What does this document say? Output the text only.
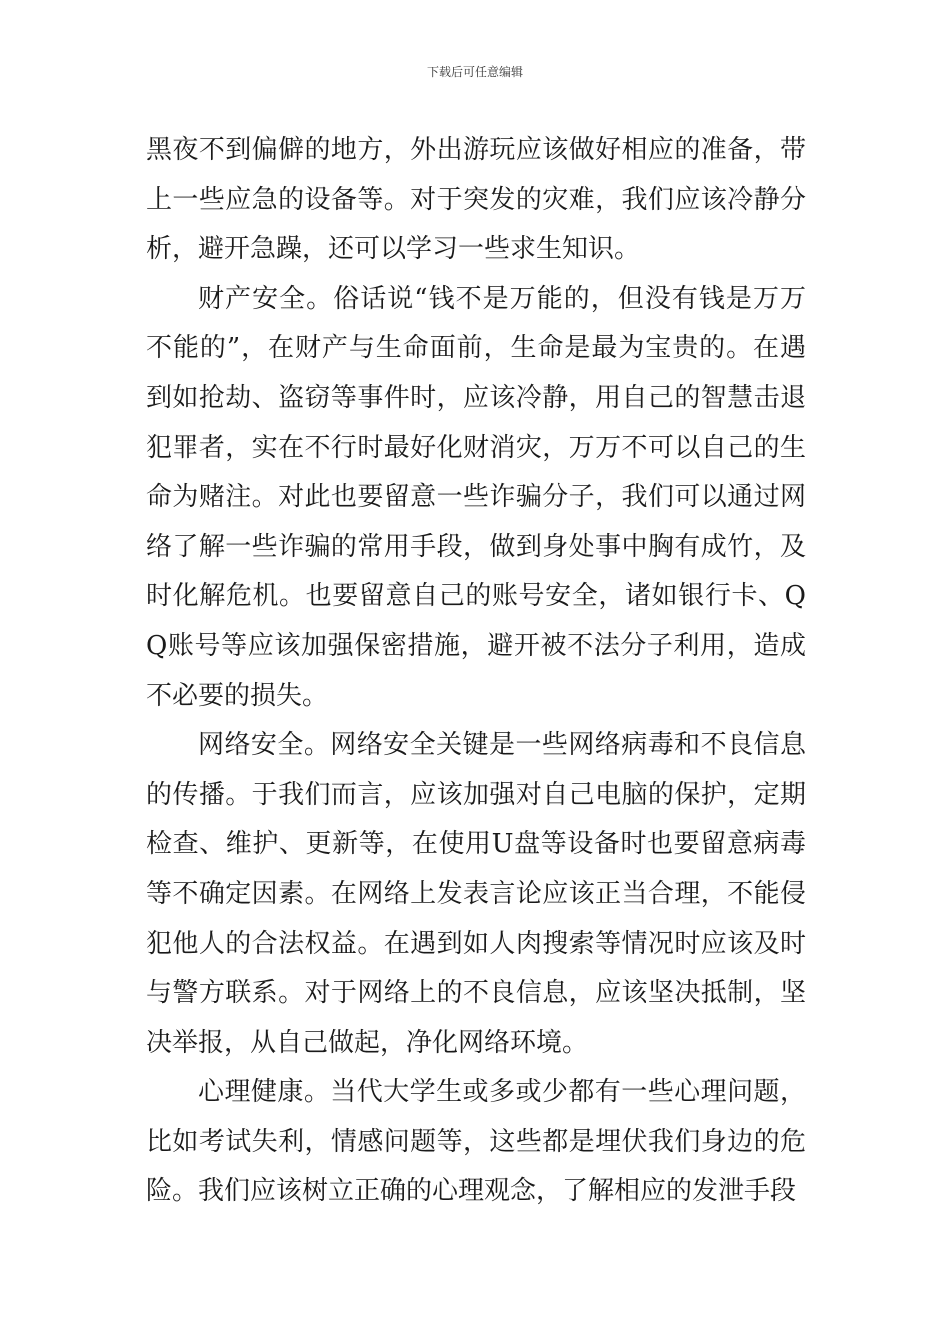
下载后可任意编辑

黑夜不到偏僻的地方，外出游玩应该做好相应的准备，带上一些应急的设备等。对于突发的灾难，我们应该冷静分析，避开急躁，还可以学习一些求生知识。

财产安全。俗话说“钱不是万能的，但没有钱是万万不能的”，在财产与生命面前，生命是最为宝贵的。在遇到如抢劫、盗窃等事件时，应该冷静，用自己的智慧击退犯罪者，实在不行时最好化财消灾，万万不可以自己的生命为赌注。对此也要留意一些诈骗分子，我们可以通过网络了解一些诈骗的常用手段，做到身处事中胸有成竹，及时化解危机。也要留意自己的账号安全，诸如银行卡、QQ账号等应该加强保密措施，避开被不法分子利用，造成不必要的损失。

网络安全。网络安全关键是一些网络病毒和不良信息的传播。于我们而言，应该加强对自己电脑的保护，定期检查、维护、更新等，在使用U盘等设备时也要留意病毒等不确定因素。在网络上发表言论应该正当合理，不能侵犯他人的合法权益。在遇到如人肉搜索等情况时应该及时与警方联系。对于网络上的不良信息，应该坚决抵制，坚决举报，从自己做起，净化网络环境。

心理健康。当代大学生或多或少都有一些心理问题，比如考试失利，情感问题等，这些都是埋伏我们身边的危险。我们应该树立正确的心理观念，了解相应的发泄手段
